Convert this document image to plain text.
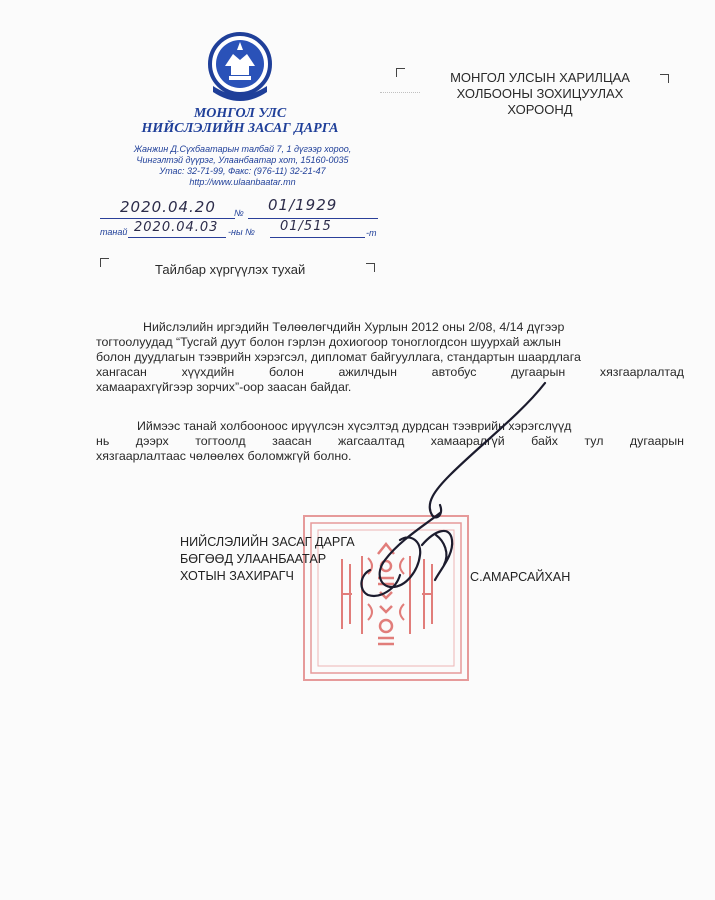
МОНГОЛ УЛС
НИЙСЛЭЛИЙН ЗАСАГ ДАРГА
Жанжин Д.Сүхбаатарын талбай 7, 1 дүгээр хороо,
Чингэлтэй дүүрэг, Улаанбаатар хот, 15160-0035
Утас: 32-71-99, Факс: (976-11) 32-21-47
http://www.ulaanbaatar.mn
2020.04.20 № 01/1929
танай 2020.04.03 -ны № 01/515	-т
МОНГОЛ УЛСЫН ХАРИЛЦАА
ХОЛБООНЫ ЗОХИЦУУЛАХ
ХОРООНД
Тайлбар хүргүүлэх тухай
Нийслэлийн иргэдийн Төлөөлөгчдийн Хурлын 2012 оны 2/08, 4/14 дүгээр
тогтоолуудад “Тусгай дуут болон гэрлэн дохиогоор тоноглогдсон шуурхай ажлын
болон дуудлагын тээврийн хэрэгсэл, дипломат байгууллага, стандартын шаардлага
хангасан хүүхдийн болон ажилчдын автобус дугаарын хязгаарлалтад
хамаарахгүйгээр зорчих”-оор заасан байдаг.
Иймээс танай холбооноос ирүүлсэн хүсэлтэд дурдсан тээврийн хэрэгслүүд
нь дээрх тогтоолд заасан жагсаалтад хамааралгүй байх тул дугаарын
хязгаарлалтаас чөлөөлөх боломжгүй болно.
НИЙСЛЭЛИЙН ЗАСАГ ДАРГА
БӨГӨӨД УЛААНБААТАР
ХОТЫН ЗАХИРАГЧ	С.АМАРСАЙХАН
